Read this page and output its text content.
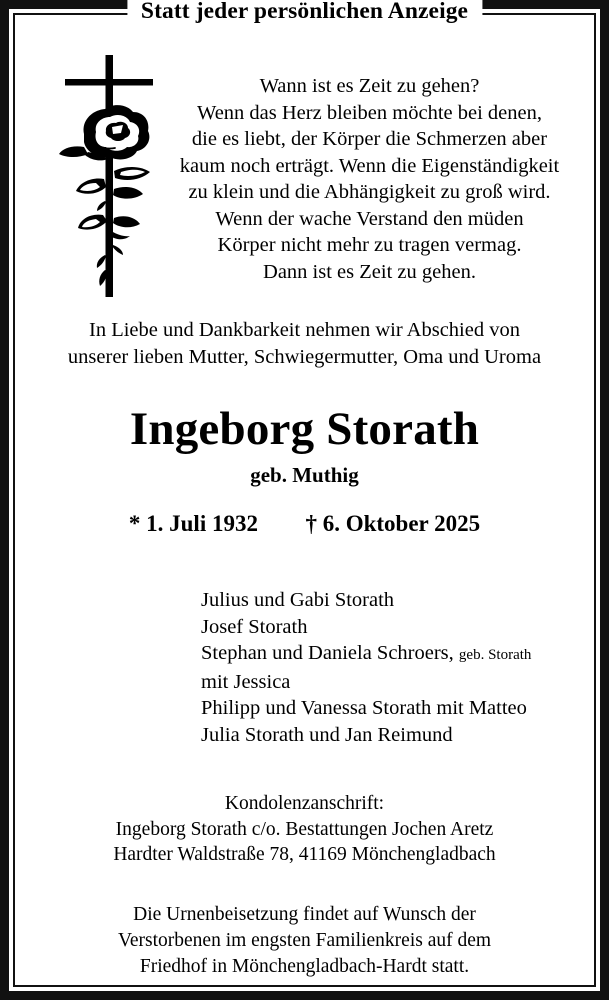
Statt jeder persönlichen Anzeige
Wann ist es Zeit zu gehen?
Wenn das Herz bleiben möchte bei denen,
die es liebt, der Körper die Schmerzen aber
kaum noch erträgt. Wenn die Eigenständigkeit
zu klein und die Abhängigkeit zu groß wird.
Wenn der wache Verstand den müden
Körper nicht mehr zu tragen vermag.
Dann ist es Zeit zu gehen.
In Liebe und Dankbarkeit nehmen wir Abschied von
unserer lieben Mutter, Schwiegermutter, Oma und Uroma
Ingeborg Storath
geb. Muthig
* 1. Juli 1932 † 6. Oktober 2025
Julius und Gabi Storath
Josef Storath
Stephan und Daniela Schroers, geb. Storath
mit Jessica
Philipp und Vanessa Storath mit Matteo
Julia Storath und Jan Reimund
Kondolenzanschrift:
Ingeborg Storath c/o. Bestattungen Jochen Aretz
Hardter Waldstraße 78, 41169 Mönchengladbach
Die Urnenbeisetzung findet auf Wunsch der
Verstorbenen im engsten Familienkreis auf dem
Friedhof in Mönchengladbach-Hardt statt.
